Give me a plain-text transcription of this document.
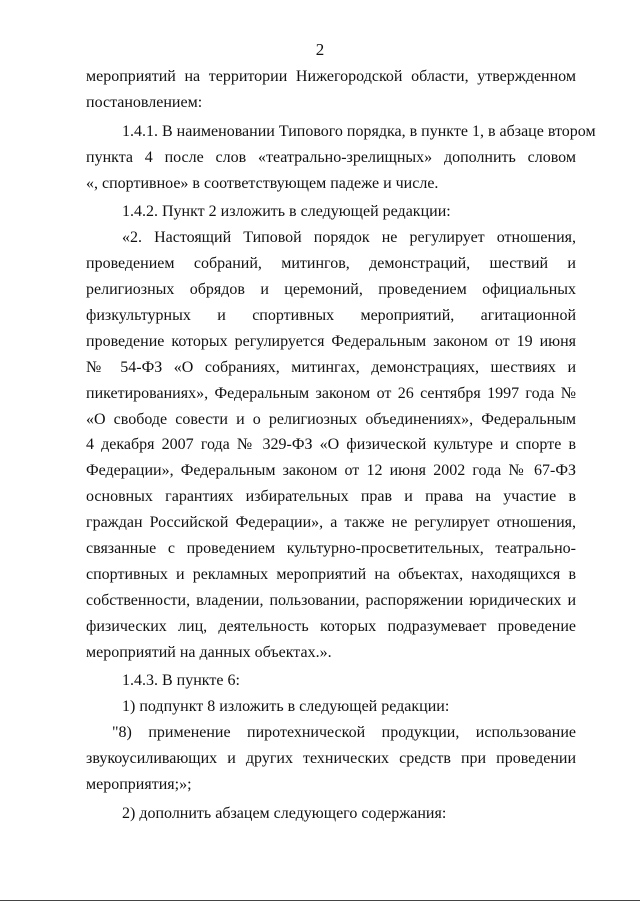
2
мероприятий на территории Нижегородской области, утвержденном
постановлением:
1.4.1. В наименовании Типового порядка, в пункте 1, в абзаце втором
пункта 4 после слов «театрально-зрелищных» дополнить словом
«, спортивное» в соответствующем падеже и числе.
1.4.2. Пункт 2 изложить в следующей редакции:
«2. Настоящий Типовой порядок не регулирует отношения,
проведением собраний, митингов, демонстраций, шествий и
религиозных обрядов и церемоний, проведением официальных
физкультурных и спортивных мероприятий, агитационной
проведение которых регулируется Федеральным законом от 19 июня
№ 54-ФЗ «О собраниях, митингах, демонстрациях, шествиях и
пикетированиях», Федеральным законом от 26 сентября 1997 года №
«О свободе совести и о религиозных объединениях», Федеральным
4 декабря 2007 года № 329-ФЗ «О физической культуре и спорте в
Федерации», Федеральным законом от 12 июня 2002 года № 67-ФЗ
основных гарантиях избирательных прав и права на участие в
граждан Российской Федерации», а также не регулирует отношения,
связанные с проведением культурно-просветительных, театрально-
спортивных и рекламных мероприятий на объектах, находящихся в
собственности, владении, пользовании, распоряжении юридических и
физических лиц, деятельность которых подразумевает проведение
мероприятий на данных объектах.».
1.4.3. В пункте 6:
1) подпункт 8 изложить в следующей редакции:
"8) применение пиротехнической продукции, использование
звукоусиливающих и других технических средств при проведении
мероприятия;»;
2) дополнить абзацем следующего содержания:
